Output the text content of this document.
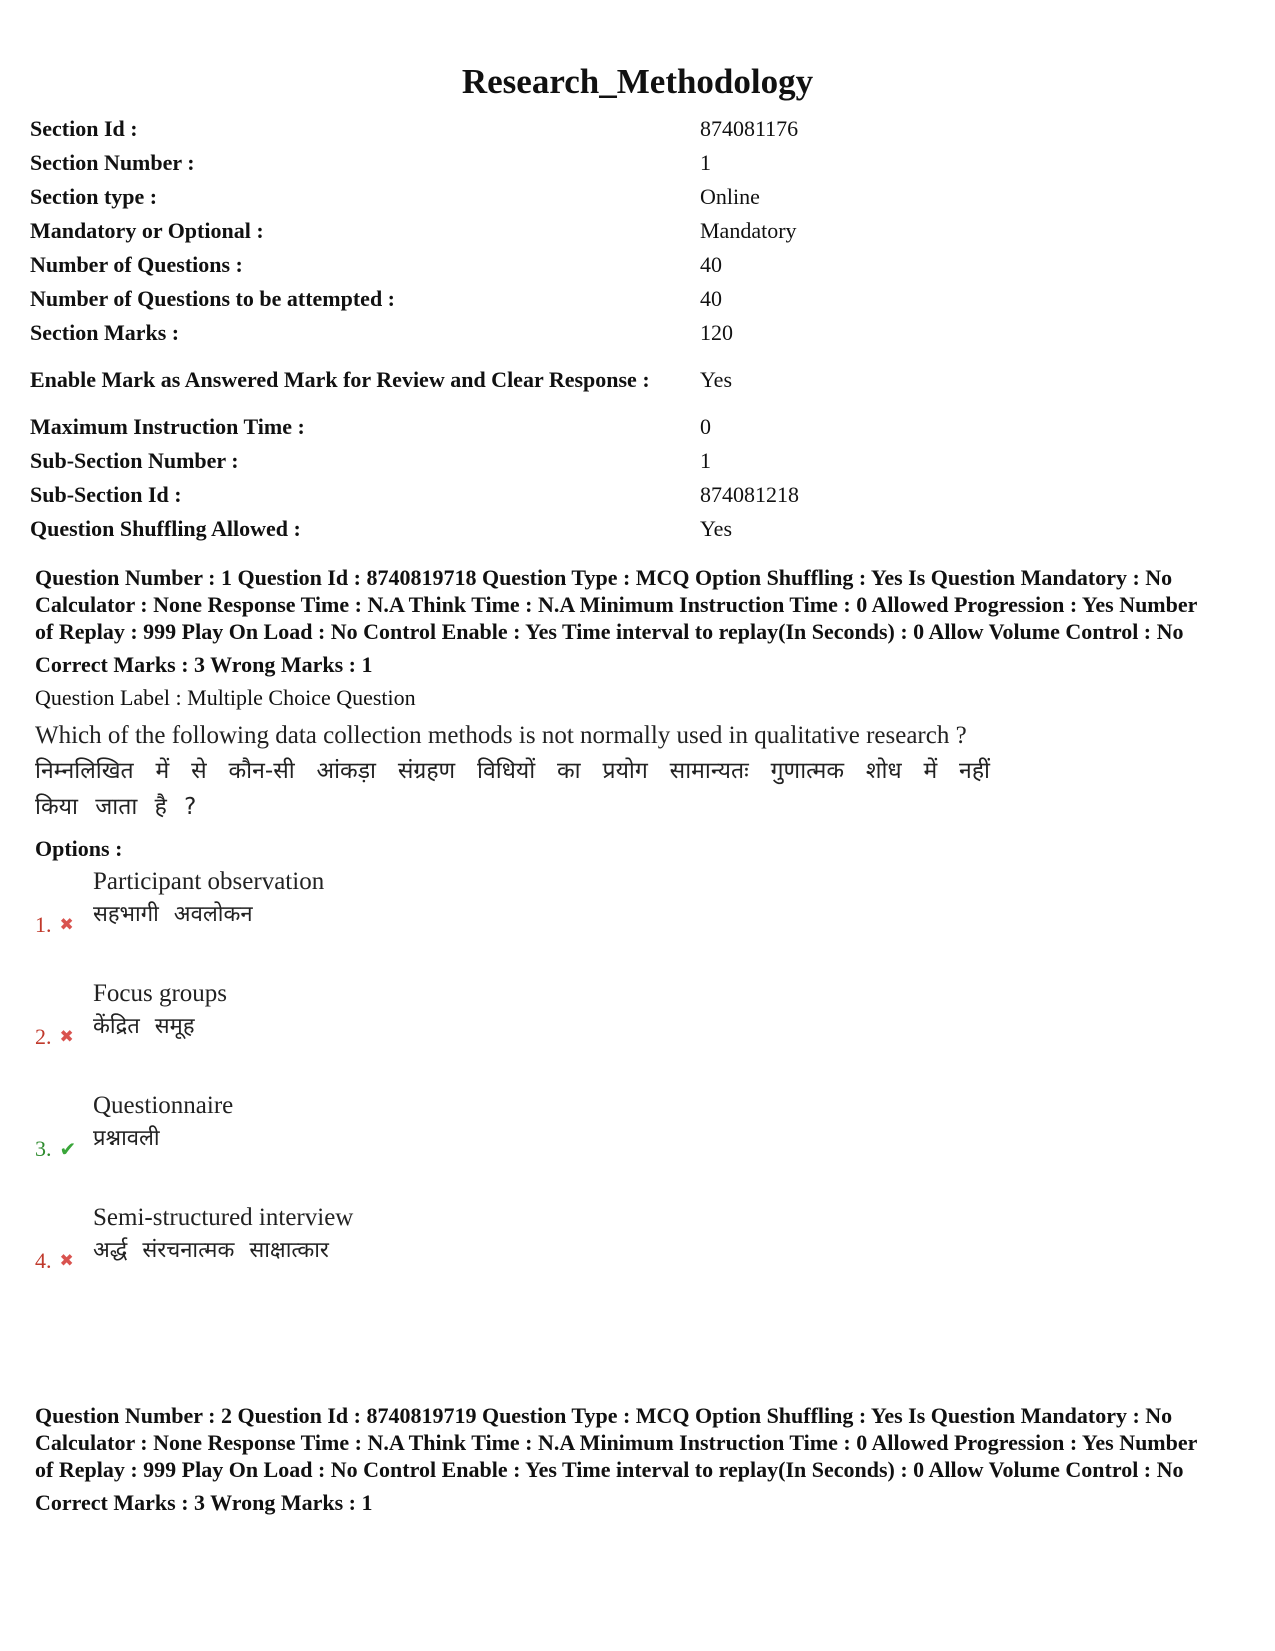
Research_Methodology
Section Id :	874081176
Section Number :	1
Section type :	Online
Mandatory or Optional :	Mandatory
Number of Questions :	40
Number of Questions to be attempted :	40
Section Marks :	120
Enable Mark as Answered Mark for Review and Clear Response :	Yes
Maximum Instruction Time :	0
Sub-Section Number :	1
Sub-Section Id :	874081218
Question Shuffling Allowed :	Yes

Question Number : 1 Question Id : 8740819718 Question Type : MCQ Option Shuffling : Yes Is Question Mandatory : No Calculator : None Response Time : N.A Think Time : N.A Minimum Instruction Time : 0 Allowed Progression : Yes Number of Replay : 999 Play On Load : No Control Enable : Yes Time interval to replay(In Seconds) : 0 Allow Volume Control : No

Correct Marks : 3 Wrong Marks : 1
Question Label : Multiple Choice Question
Which of the following data collection methods is not normally used in qualitative research ?
निम्नलिखित में से कौन-सी आंकड़ा संग्रहण विधियों का प्रयोग सामान्यतः गुणात्मक शोध में नहीं किया जाता है ?
Options :
Participant observation
सहभागी अवलोकन
1. ✖
Focus groups
केंद्रित समूह
2. ✖
Questionnaire
प्रश्नावली
3. ✔
Semi-structured interview
अर्द्ध संरचनात्मक साक्षात्कार
4. ✖

Question Number : 2 Question Id : 8740819719 Question Type : MCQ Option Shuffling : Yes Is Question Mandatory : No Calculator : None Response Time : N.A Think Time : N.A Minimum Instruction Time : 0 Allowed Progression : Yes Number of Replay : 999 Play On Load : No Control Enable : Yes Time interval to replay(In Seconds) : 0 Allow Volume Control : No

Correct Marks : 3 Wrong Marks : 1
